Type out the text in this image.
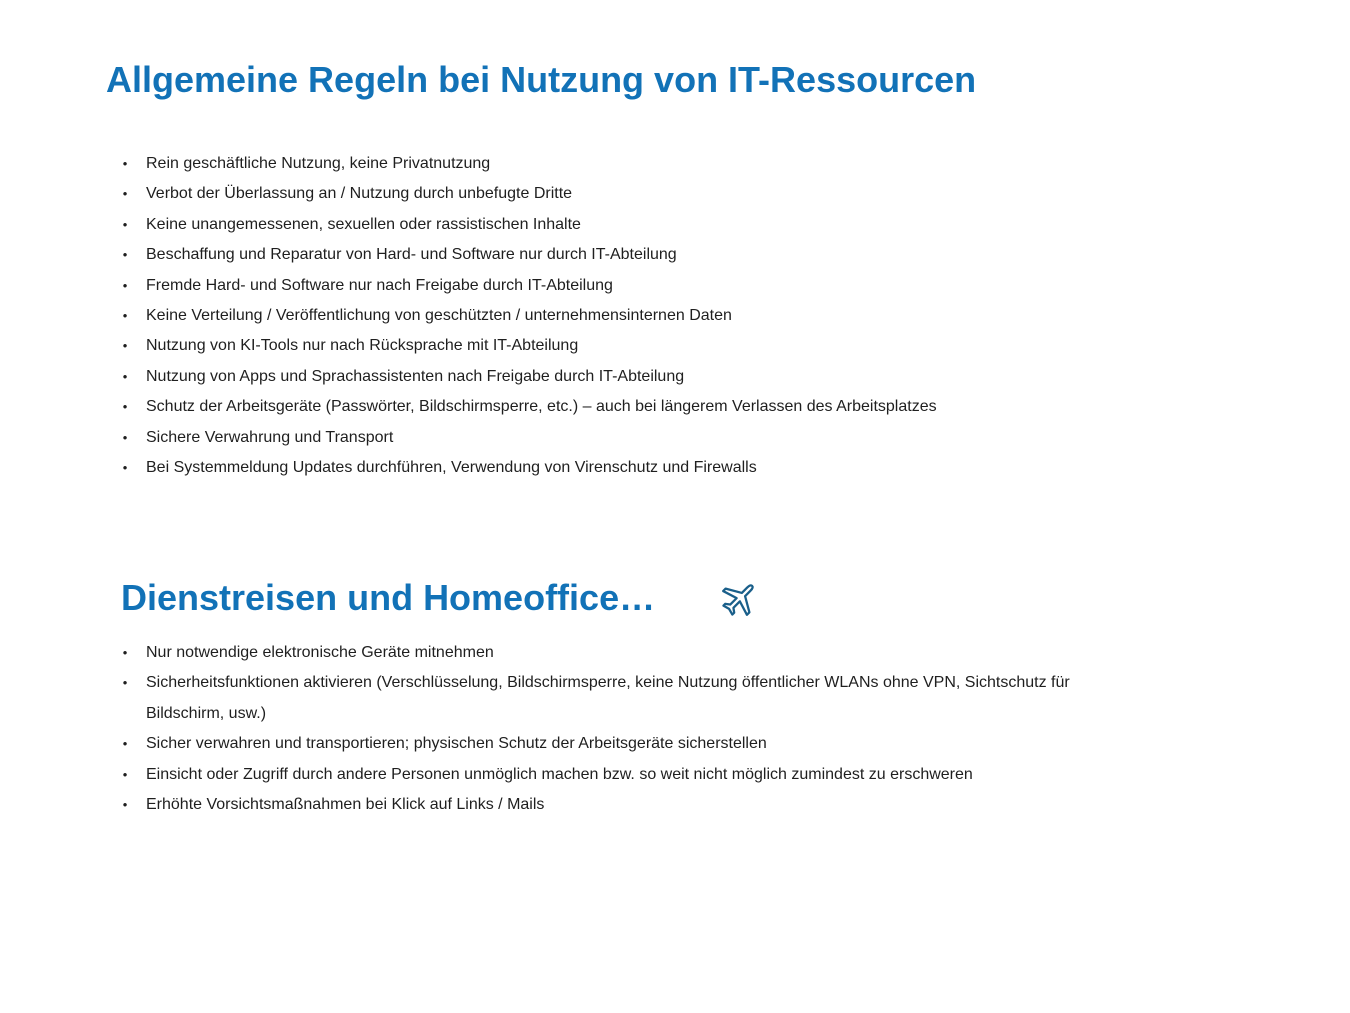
Allgemeine Regeln bei Nutzung von IT-Ressourcen
• Rein geschäftliche Nutzung, keine Privatnutzung
• Verbot der Überlassung an / Nutzung durch unbefugte Dritte
• Keine unangemessenen, sexuellen oder rassistischen Inhalte
• Beschaffung und Reparatur von Hard- und Software nur durch IT-Abteilung
• Fremde Hard- und Software nur nach Freigabe durch IT-Abteilung
• Keine Verteilung / Veröffentlichung von geschützten / unternehmensinternen Daten
• Nutzung von KI-Tools nur nach Rücksprache mit IT-Abteilung
• Nutzung von Apps und Sprachassistenten nach Freigabe durch IT-Abteilung
• Schutz der Arbeitsgeräte (Passwörter, Bildschirmsperre, etc.) – auch bei längerem Verlassen des Arbeitsplatzes
• Sichere Verwahrung und Transport
• Bei Systemmeldung Updates durchführen, Verwendung von Virenschutz und Firewalls
Dienstreisen und Homeoffice…
• Nur notwendige elektronische Geräte mitnehmen
• Sicherheitsfunktionen aktivieren (Verschlüsselung, Bildschirmsperre, keine Nutzung öffentlicher WLANs ohne VPN, Sichtschutz für Bildschirm, usw.)
• Sicher verwahren und transportieren; physischen Schutz der Arbeitsgeräte sicherstellen
• Einsicht oder Zugriff durch andere Personen unmöglich machen bzw. so weit nicht möglich zumindest zu erschweren
• Erhöhte Vorsichtsmaßnahmen bei Klick auf Links / Mails
